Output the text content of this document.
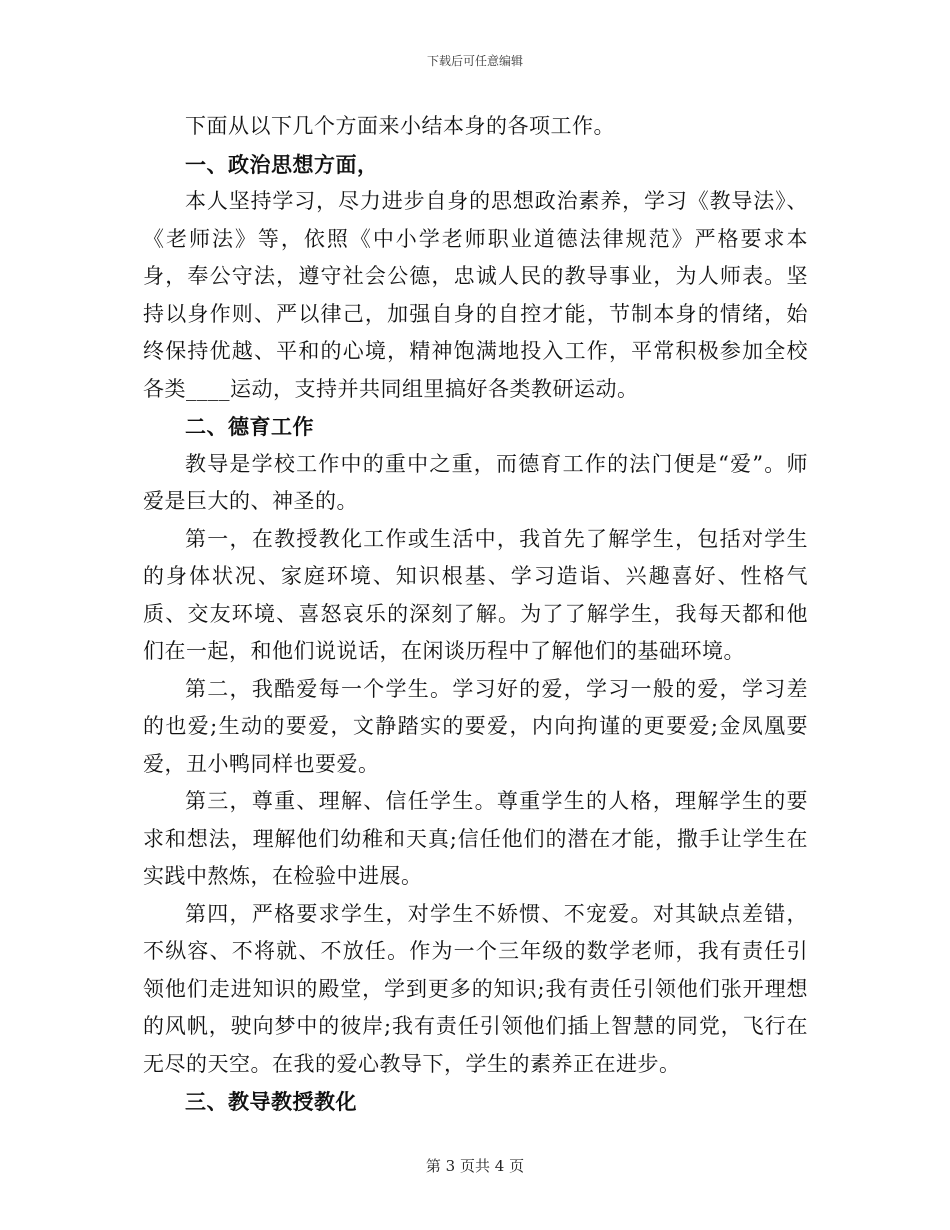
下载后可任意编辑

下面从以下几个方面来小结本身的各项工作。

一、政治思想方面，

本人坚持学习，尽力进步自身的思想政治素养，学习《教导法》、《老师法》等，依照《中小学老师职业道德法律规范》严格要求本身，奉公守法，遵守社会公德，忠诚人民的教导事业，为人师表。坚持以身作则、严以律己，加强自身的自控才能，节制本身的情绪，始终保持优越、平和的心境，精神饱满地投入工作，平常积极参加全校各类____运动，支持并共同组里搞好各类教研运动。

二、德育工作

教导是学校工作中的重中之重，而德育工作的法门便是“爱”。师爱是巨大的、神圣的。

第一，在教授教化工作或生活中，我首先了解学生，包括对学生的身体状况、家庭环境、知识根基、学习造诣、兴趣喜好、性格气质、交友环境、喜怒哀乐的深刻了解。为了了解学生，我每天都和他们在一起，和他们说说话，在闲谈历程中了解他们的基础环境。

第二，我酷爱每一个学生。学习好的爱，学习一般的爱，学习差的也爱;生动的要爱，文静踏实的要爱，内向拘谨的更要爱;金凤凰要爱，丑小鸭同样也要爱。

第三，尊重、理解、信任学生。尊重学生的人格，理解学生的要求和想法，理解他们幼稚和天真;信任他们的潜在才能，撒手让学生在实践中熬炼，在检验中进展。

第四，严格要求学生，对学生不娇惯、不宠爱。对其缺点差错，不纵容、不将就、不放任。作为一个三年级的数学老师，我有责任引领他们走进知识的殿堂，学到更多的知识;我有责任引领他们张开理想的风帆，驶向梦中的彼岸;我有责任引领他们插上智慧的同党，飞行在无尽的天空。在我的爱心教导下，学生的素养正在进步。

三、教导教授教化

第 3 页共 4 页
